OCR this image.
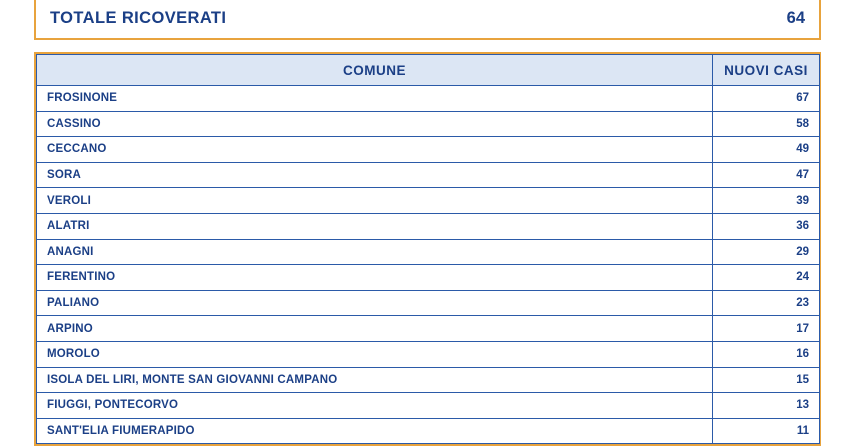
TOTALE RICOVERATI	64
COMUNE	NUOVI CASI
FROSINONE	67
CASSINO	58
CECCANO	49
SORA	47
VEROLI	39
ALATRI	36
ANAGNI	29
FERENTINO	24
PALIANO	23
ARPINO	17
MOROLO	16
ISOLA DEL LIRI, MONTE SAN GIOVANNI CAMPANO	15
FIUGGI, PONTECORVO	13
SANT'ELIA FIUMERAPIDO	11
